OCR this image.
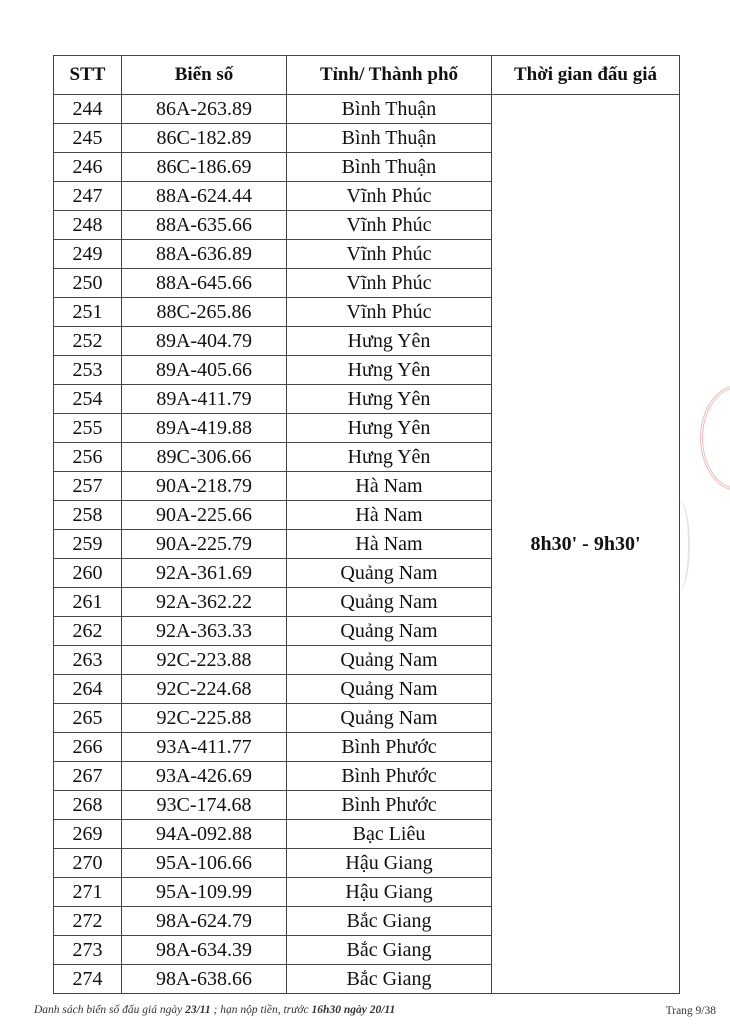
STT	Biển số	Tỉnh/ Thành phố	Thời gian đấu giá
244	86A-263.89	Bình Thuận	8h30' - 9h30'
245	86C-182.89	Bình Thuận	
246	86C-186.69	Bình Thuận	
247	88A-624.44	Vĩnh Phúc	
248	88A-635.66	Vĩnh Phúc	
249	88A-636.89	Vĩnh Phúc	
250	88A-645.66	Vĩnh Phúc	
251	88C-265.86	Vĩnh Phúc	
252	89A-404.79	Hưng Yên	
253	89A-405.66	Hưng Yên	
254	89A-411.79	Hưng Yên	
255	89A-419.88	Hưng Yên	
256	89C-306.66	Hưng Yên	
257	90A-218.79	Hà Nam	
258	90A-225.66	Hà Nam	
259	90A-225.79	Hà Nam	
260	92A-361.69	Quảng Nam	
261	92A-362.22	Quảng Nam	
262	92A-363.33	Quảng Nam	
263	92C-223.88	Quảng Nam	
264	92C-224.68	Quảng Nam	
265	92C-225.88	Quảng Nam	
266	93A-411.77	Bình Phước	
267	93A-426.69	Bình Phước	
268	93C-174.68	Bình Phước	
269	94A-092.88	Bạc Liêu	
270	95A-106.66	Hậu Giang	
271	95A-109.99	Hậu Giang	
272	98A-624.79	Bắc Giang	
273	98A-634.39	Bắc Giang	
274	98A-638.66	Bắc Giang	
Danh sách biển số đấu giá ngày 23/11 ; hạn nộp tiền, trước 16h30 ngày 20/11	Trang 9/38
